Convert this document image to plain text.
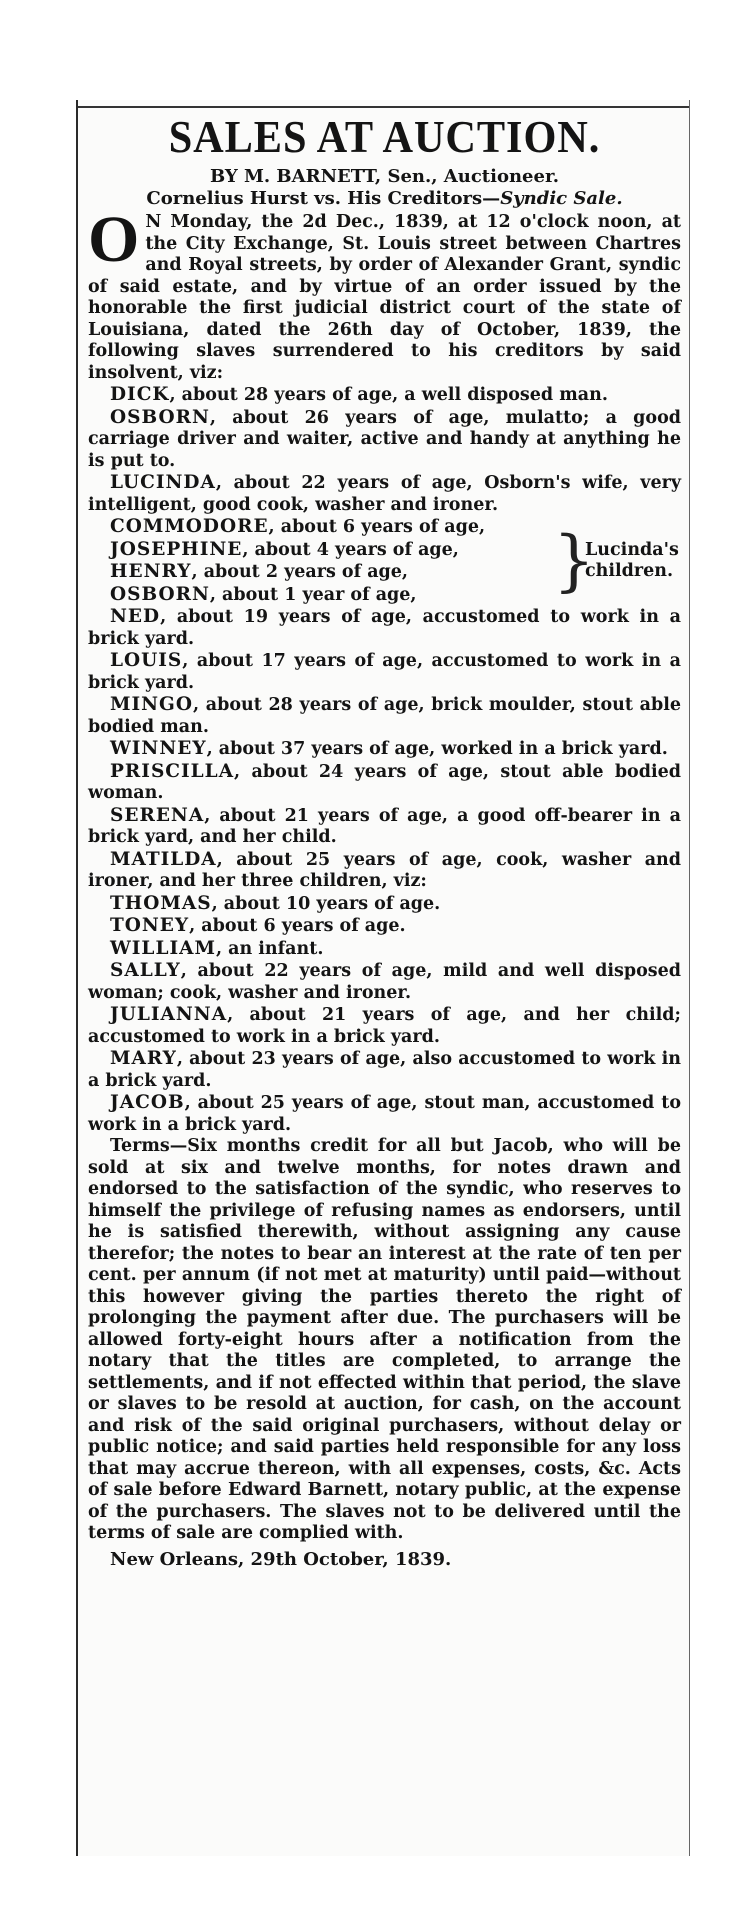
SALES AT AUCTION.
BY M. BARNETT, Sen., Auctioneer.
Cornelius Hurst vs. His Creditors—Syndic Sale.

O N Monday, the 2d Dec., 1839, at 12 o'clock noon, at the City Exchange, St. Louis street between Chartres and Royal streets, by order of Alexander Grant, syndic of said estate, and by virtue of an order issued by the honorable the first judicial district court of the state of Louisiana, dated the 26th day of October, 1839, the following slaves surrendered to his creditors by said insolvent, viz:

DICK, about 28 years of age, a well disposed man.

OSBORN, about 26 years of age, mulatto; a good carriage driver and waiter, active and handy at anything he is put to.

LUCINDA, about 22 years of age, Osborn's wife, very intelligent, good cook, washer and ironer.

COMMODORE, about 6 years of age,

JOSEPHINE, about 4 years of age,

HENRY, about 2 years of age,

OSBORN, about 1 year of age,	}
Lucinda's children.

NED, about 19 years of age, accustomed to work in a brick yard.

LOUIS, about 17 years of age, accustomed to work in a brick yard.

MINGO, about 28 years of age, brick moulder, stout able bodied man.

WINNEY, about 37 years of age, worked in a brick yard.

PRISCILLA, about 24 years of age, stout able bodied woman.

SERENA, about 21 years of age, a good off-bearer in a brick yard, and her child.

MATILDA, about 25 years of age, cook, washer and ironer, and her three children, viz:

THOMAS, about 10 years of age.

TONEY, about 6 years of age.

WILLIAM, an infant.

SALLY, about 22 years of age, mild and well disposed woman; cook, washer and ironer.

JULIANNA, about 21 years of age, and her child; accustomed to work in a brick yard.

MARY, about 23 years of age, also accustomed to work in a brick yard.

JACOB, about 25 years of age, stout man, accustomed to work in a brick yard.

Terms—Six months credit for all but Jacob, who will be sold at six and twelve months, for notes drawn and endorsed to the satisfaction of the syndic, who reserves to himself the privilege of refusing names as endorsers, until he is satisfied therewith, without assigning any cause therefor; the notes to bear an interest at the rate of ten per cent. per annum (if not met at maturity) until paid—without this however giving the parties thereto the right of prolonging the payment after due. The purchasers will be allowed forty-eight hours after a notification from the notary that the titles are completed, to arrange the settlements, and if not effected within that period, the slave or slaves to be resold at auction, for cash, on the account and risk of the said original purchasers, without delay or public notice; and said parties held responsible for any loss that may accrue thereon, with all expenses, costs, &c. Acts of sale before Edward Barnett, notary public, at the expense of the purchasers. The slaves not to be delivered until the terms of sale are complied with.

New Orleans, 29th October, 1839.
